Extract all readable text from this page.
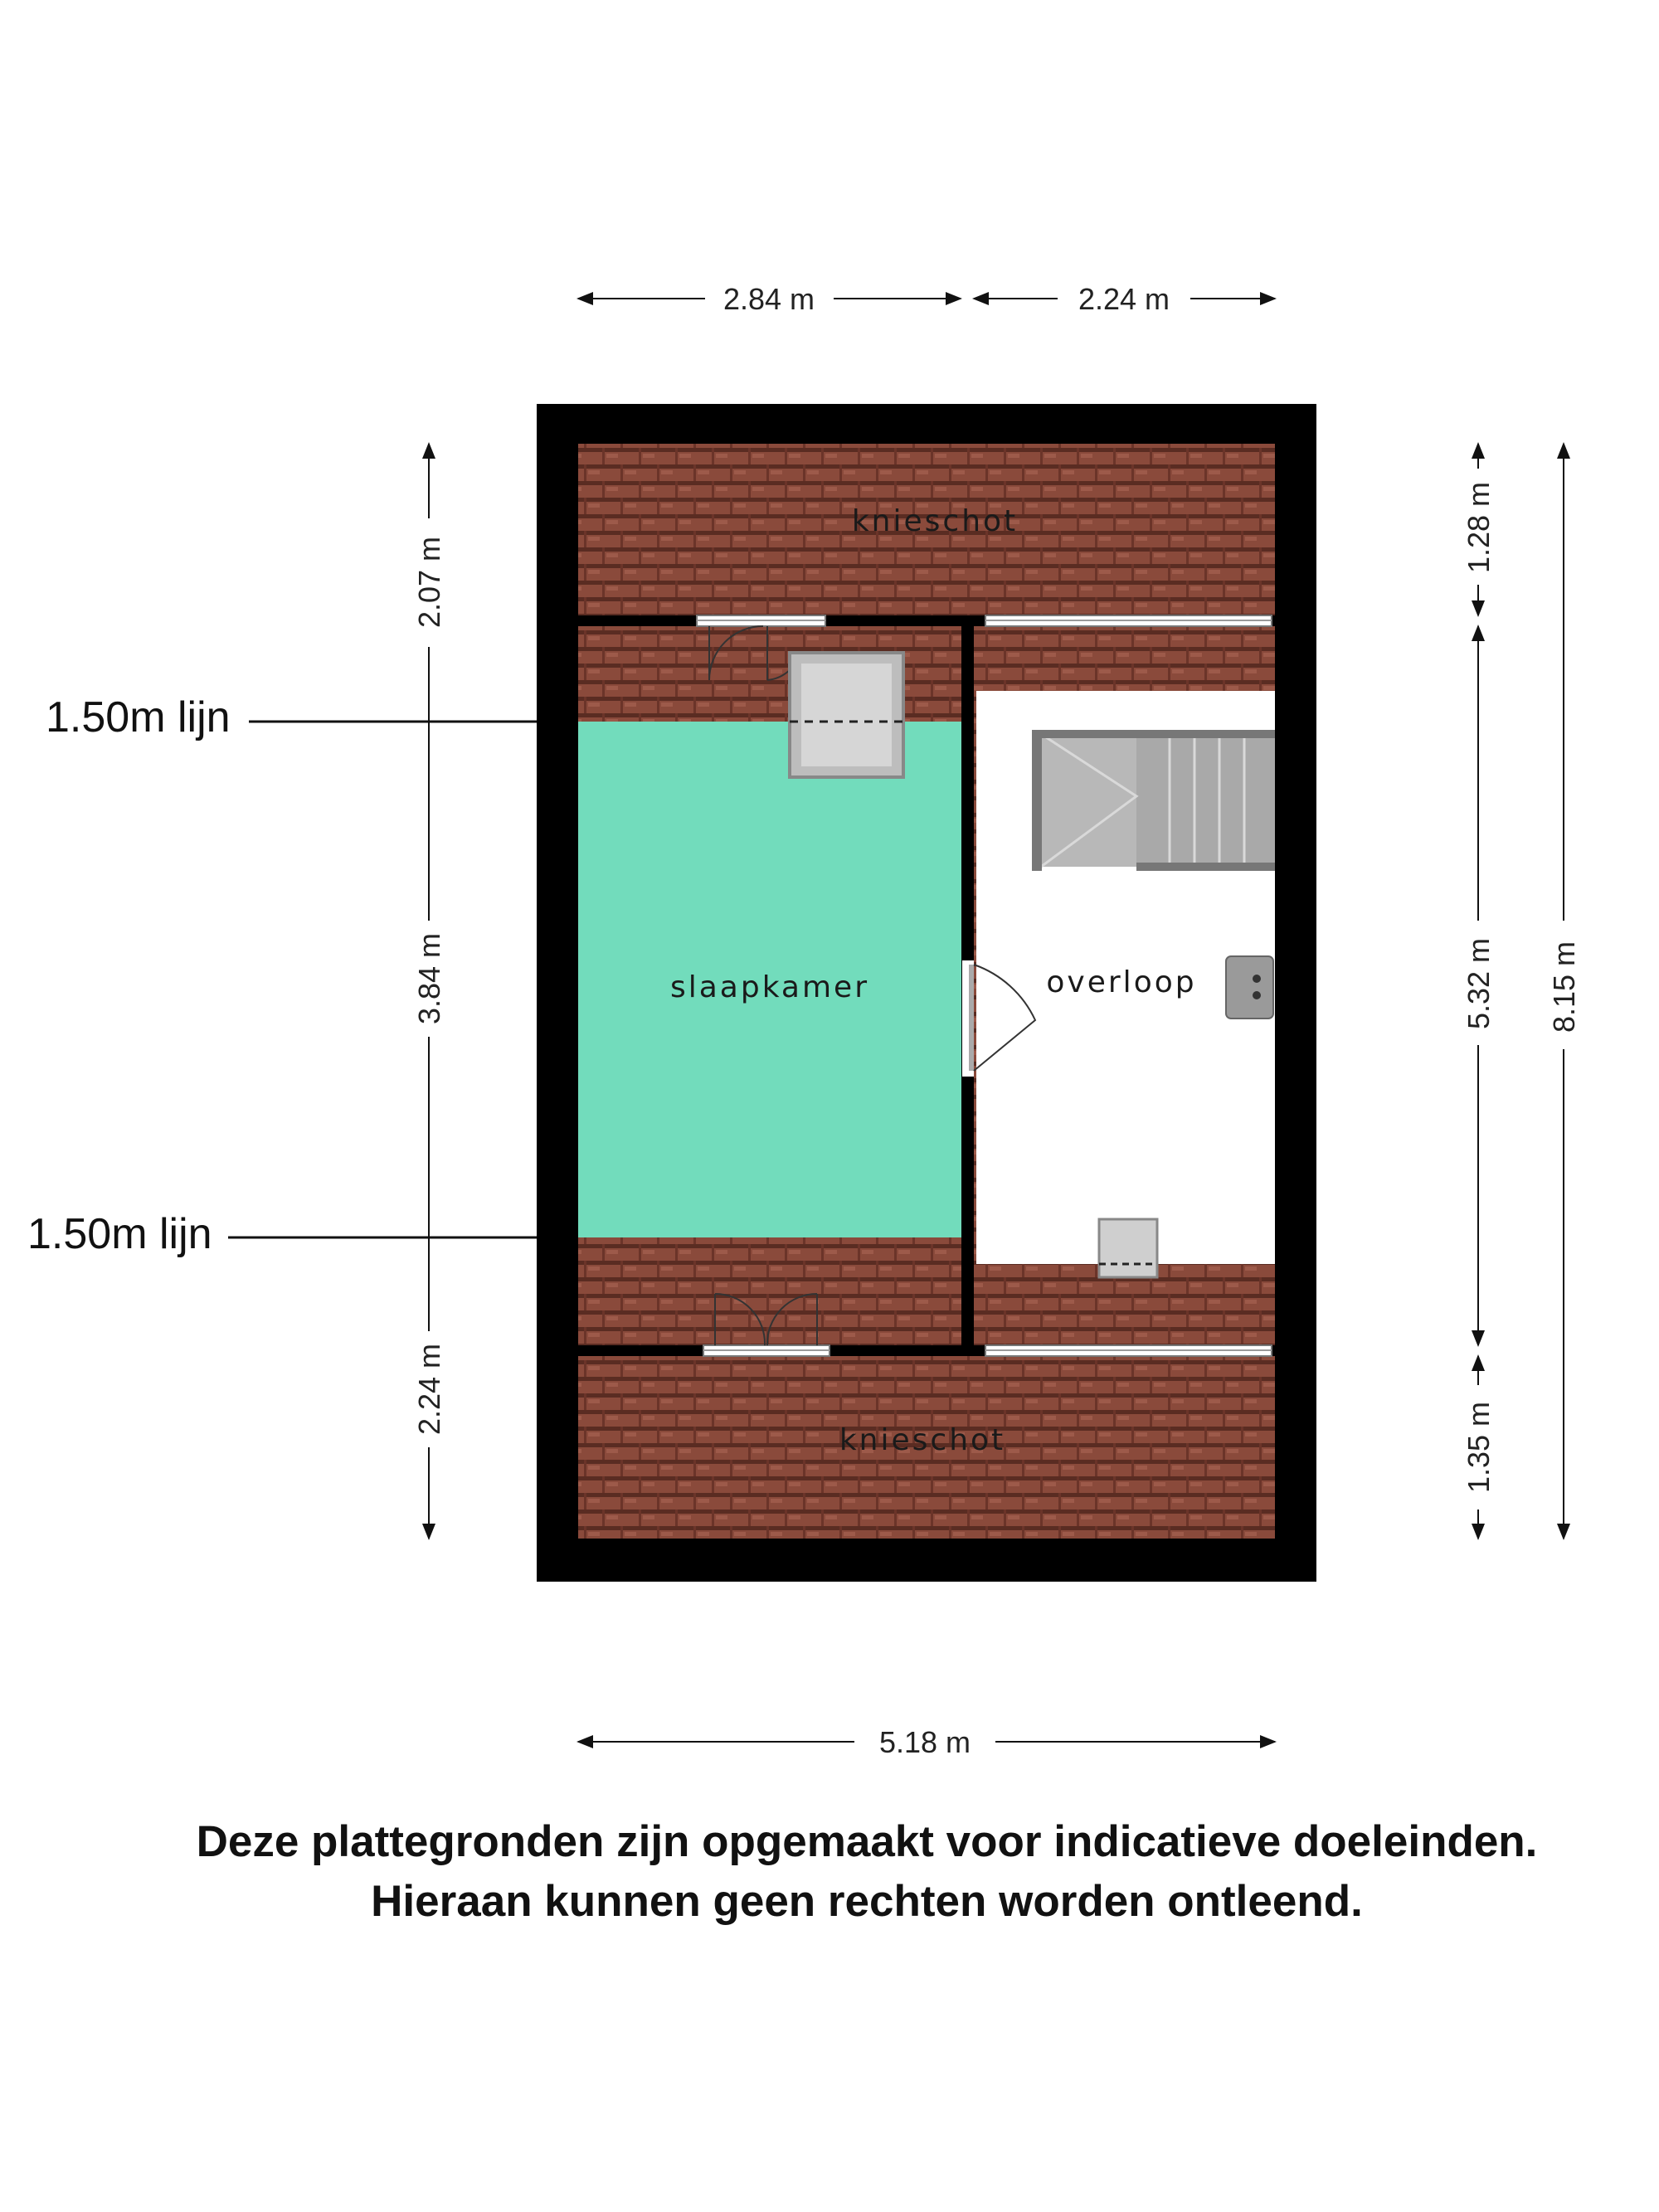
knieschot
slaapkamer	overloop
knieschot
1.50m lijn
1.50m lijn
2.84 m	2.24 m
5.18 m
2.07 m
3.84 m
2.24 m
1.28 m
5.32 m
1.35 m
8.15 m
Deze plattegronden zijn opgemaakt voor indicatieve doeleinden.
Hieraan kunnen geen rechten worden ontleend.
